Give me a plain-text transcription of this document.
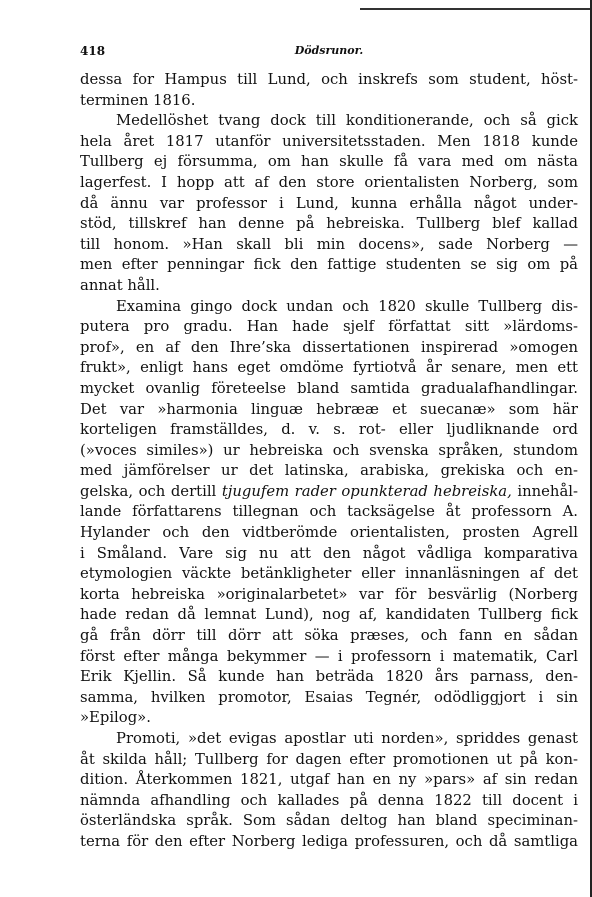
418	Dödsrunor.
dessa for Hampus till Lund, och inskrefs som student, höst-
terminen 1816.
Medellöshet tvang dock till konditionerande, och så gick
hela året 1817 utanför universitetsstaden. Men 1818 kunde
Tullberg ej försumma, om han skulle få vara med om nästa
lagerfest. I hopp att af den store orientalisten Norberg, som
då ännu var professor i Lund, kunna erhålla något under-
stöd, tillskref han denne på hebreiska. Tullberg blef kallad
till honom. »Han skall bli min docens», sade Norberg —
men efter penningar fick den fattige studenten se sig om på
annat håll.
Examina gingo dock undan och 1820 skulle Tullberg dis-
putera pro gradu. Han hade sjelf författat sitt »lärdoms-
prof», en af den Ihre’ska dissertationen inspirerad »omogen
frukt», enligt hans eget omdöme fyrtiotvå år senare, men ett
mycket ovanlig företeelse bland samtida gradualafhandlingar.
Det var »harmonia linguæ hebrææ et suecanæ» som här
korteligen framställdes, d. v. s. rot- eller ljudliknande ord
(»voces similes») ur hebreiska och svenska språken, stundom
med jämförelser ur det latinska, arabiska, grekiska och en-
gelska, och dertill tjugufem rader opunkterad hebreiska, innehål-
lande författarens tillegnan och tacksägelse åt professorn A.
Hylander och den vidtberömde orientalisten, prosten Agrell
i Småland. Vare sig nu att den något vådliga komparativa
etymologien väckte betänkligheter eller innanläsningen af det
korta hebreiska »originalarbetet» var för besvärlig (Norberg
hade redan då lemnat Lund), nog af, kandidaten Tullberg fick
gå från dörr till dörr att söka præses, och fann en sådan
först efter många bekymmer — i professorn i matematik, Carl
Erik Kjellin. Så kunde han beträda 1820 års parnass, den-
samma, hvilken promotor, Esaias Tegnér, odödliggjort i sin
»Epilog».
Promoti, »det evigas apostlar uti norden», spriddes genast
åt skilda håll; Tullberg for dagen efter promotionen ut på kon-
dition. Återkommen 1821, utgaf han en ny »pars» af sin redan
nämnda afhandling och kallades på denna 1822 till docent i
österländska språk. Som sådan deltog han bland speciminan-
terna för den efter Norberg lediga professuren, och då samtliga
